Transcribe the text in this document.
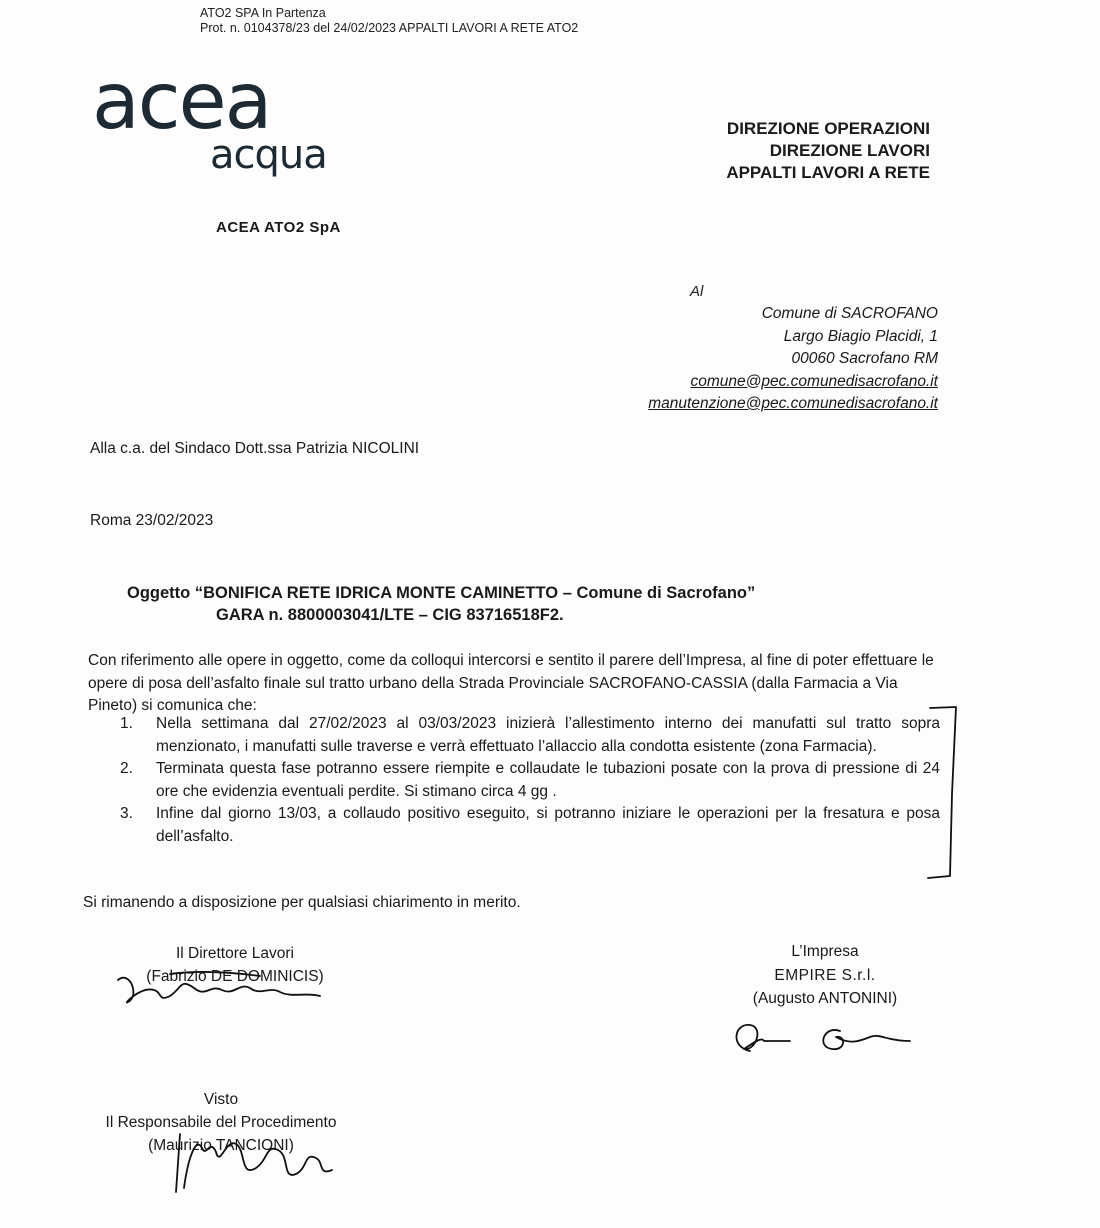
ATO2 SPA In Partenza
Prot. n. 0104378/23 del 24/02/2023 APPALTI LAVORI A RETE ATO2
acea
acqua
ACEA ATO2 SpA
DIREZIONE OPERAZIONI
DIREZIONE LAVORI
APPALTI LAVORI A RETE
Al
Comune di SACROFANO
Largo Biagio Placidi, 1
00060 Sacrofano RM
comune@pec.comunedisacrofano.it
manutenzione@pec.comunedisacrofano.it
Alla c.a. del Sindaco Dott.ssa Patrizia NICOLINI
Roma 23/02/2023
Oggetto “BONIFICA RETE IDRICA MONTE CAMINETTO – Comune di Sacrofano”
GARA n. 8800003041/LTE – CIG 83716518F2.
Con riferimento alle opere in oggetto, come da colloqui intercorsi e sentito il parere dell’Impresa, al fine di poter effettuare le opere di posa dell’asfalto finale sul tratto urbano della Strada Provinciale SACROFANO-CASSIA (dalla Farmacia a Via Pineto) si comunica che:
1.	Nella settimana dal 27/02/2023 al 03/03/2023 inizierà l’allestimento interno dei manufatti sul tratto sopra menzionato, i manufatti sulle traverse e verrà effettuato l’allaccio alla condotta esistente (zona Farmacia).
2.	Terminata questa fase potranno essere riempite e collaudate le tubazioni posate con la prova di pressione di 24 ore che evidenzia eventuali perdite. Si stimano circa 4 gg .
3.	Infine dal giorno 13/03, a collaudo positivo eseguito, si potranno iniziare le operazioni per la fresatura e posa dell’asfalto.
Si rimanendo a disposizione per qualsiasi chiarimento in merito.
Il Direttore Lavori
(Fabrizio DE DOMINICIS)
L’Impresa
EMPIRE S.r.l.
(Augusto ANTONINI)
Visto
Il Responsabile del Procedimento
(Maurizio TANCIONI)
